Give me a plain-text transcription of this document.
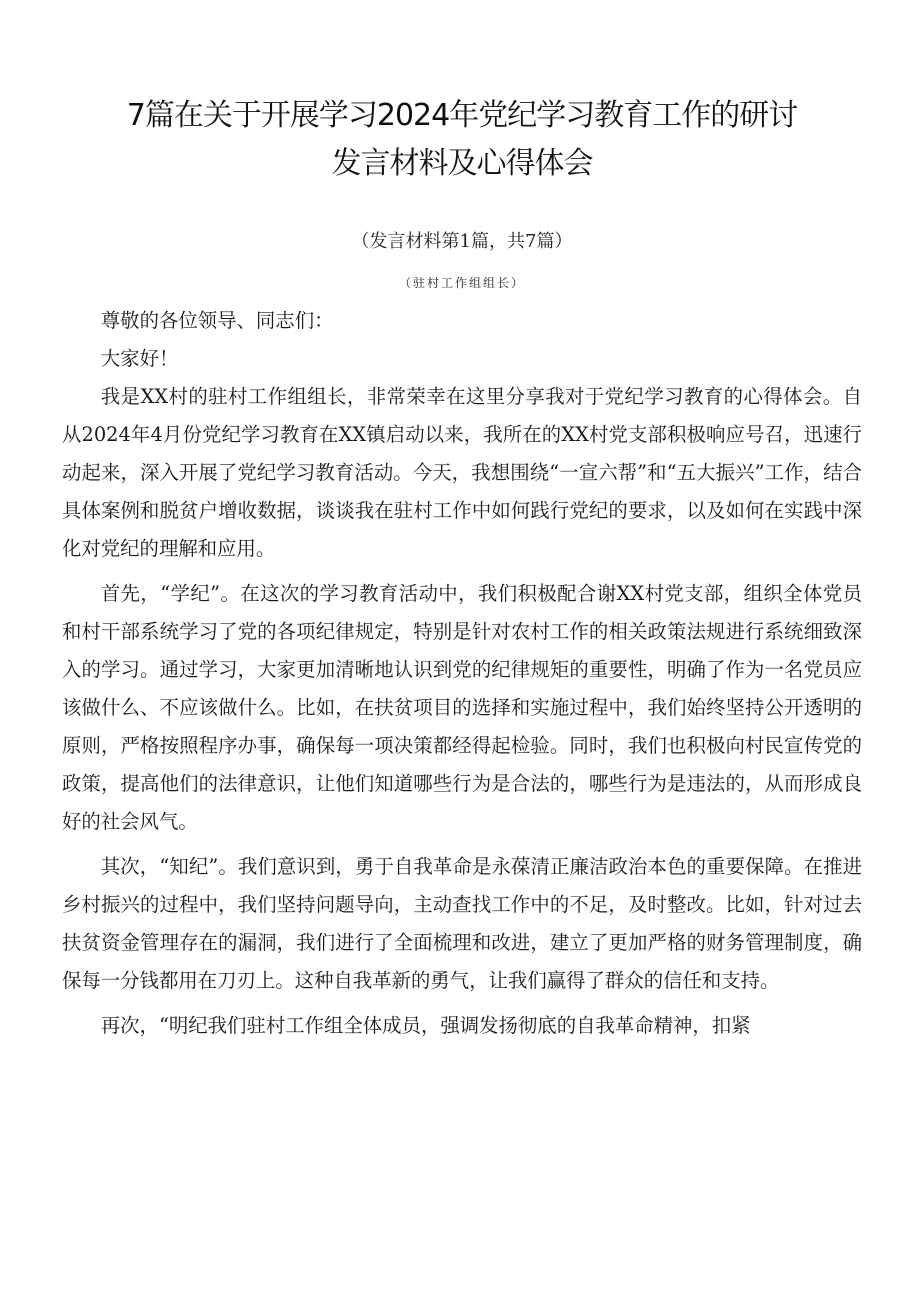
7篇在关于开展学习2024年党纪学习教育工作的研讨
发言材料及心得体会
（发言材料第1篇，共7篇）
（驻村工作组组长）

尊敬的各位领导、同志们：

大家好！

我是XX村的驻村工作组组长，非常荣幸在这里分享我对于党纪学习教育的心得体会。自从2024年4月份党纪学习教育在XX镇启动以来，我所在的XX村党支部积极响应号召，迅速行动起来，深入开展了党纪学习教育活动。今天，我想围绕“一宣六帮”和“五大振兴”工作，结合具体案例和脱贫户增收数据，谈谈我在驻村工作中如何践行党纪的要求，以及如何在实践中深化对党纪的理解和应用。

首先，“学纪”。在这次的学习教育活动中，我们积极配合谢XX村党支部，组织全体党员和村干部系统学习了党的各项纪律规定，特别是针对农村工作的相关政策法规进行系统细致深入的学习。通过学习，大家更加清晰地认识到党的纪律规矩的重要性，明确了作为一名党员应该做什么、不应该做什么。比如，在扶贫项目的选择和实施过程中，我们始终坚持公开透明的原则，严格按照程序办事，确保每一项决策都经得起检验。同时，我们也积极向村民宣传党的政策，提高他们的法律意识，让他们知道哪些行为是合法的，哪些行为是违法的，从而形成良好的社会风气。

其次，“知纪”。我们意识到，勇于自我革命是永葆清正廉洁政治本色的重要保障。在推进乡村振兴的过程中，我们坚持问题导向，主动查找工作中的不足，及时整改。比如，针对过去扶贫资金管理存在的漏洞，我们进行了全面梳理和改进，建立了更加严格的财务管理制度，确保每一分钱都用在刀刃上。这种自我革新的勇气，让我们赢得了群众的信任和支持。

再次，“明纪我们驻村工作组全体成员，强调发扬彻底的自我革命精神，扣紧
